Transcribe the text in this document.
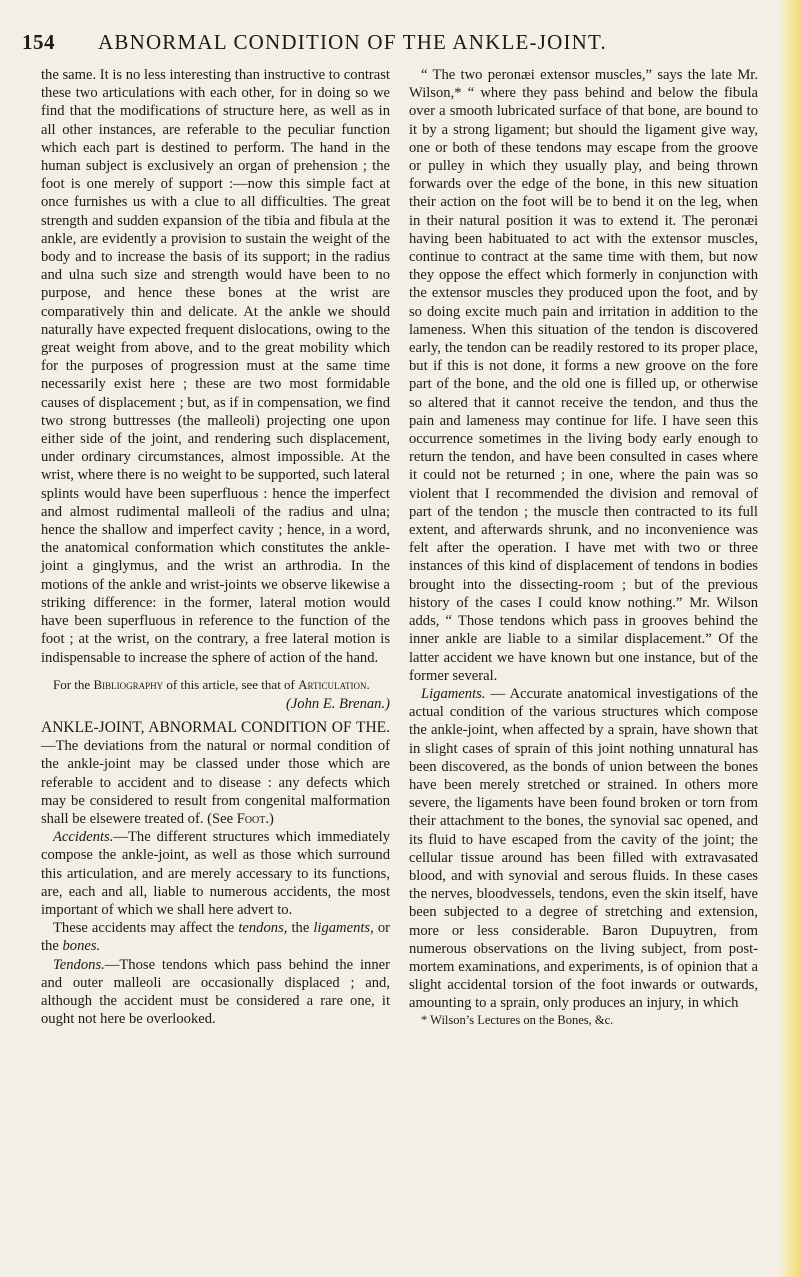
154 ABNORMAL CONDITION OF THE ANKLE-JOINT.

the same. It is no less interesting than instructive to contrast these two articulations with each other, for in doing so we find that the modifications of structure here, as well as in all other instances, are referable to the peculiar function which each part is destined to perform. The hand in the human subject is exclusively an organ of prehension ; the foot is one merely of support :—now this simple fact at once furnishes us with a clue to all difficulties. The great strength and sudden expansion of the tibia and fibula at the ankle, are evidently a provision to sustain the weight of the body and to increase the basis of its support; in the radius and ulna such size and strength would have been to no purpose, and hence these bones at the wrist are comparatively thin and delicate. At the ankle we should naturally have expected frequent dislocations, owing to the great weight from above, and to the great mobility which for the purposes of progression must at the same time necessarily exist here ; these are two most formidable causes of displacement ; but, as if in compensation, we find two strong buttresses (the malleoli) projecting one upon either side of the joint, and rendering such displacement, under ordinary circumstances, almost impossible. At the wrist, where there is no weight to be supported, such lateral splints would have been superfluous : hence the imperfect and almost rudimental malleoli of the radius and ulna; hence the shallow and imperfect cavity ; hence, in a word, the anatomical conformation which constitutes the ankle-joint a ginglymus, and the wrist an arthrodia. In the motions of the ankle and wrist-joints we observe likewise a striking difference: in the former, lateral motion would have been superfluous in reference to the function of the foot ; at the wrist, on the contrary, a free lateral motion is indispensable to increase the sphere of action of the hand.

For the Bibliography of this article, see that of Articulation.

(John E. Brenan.)

ANKLE-JOINT, ABNORMAL CONDITION OF THE.—The deviations from the natural or normal condition of the ankle-joint may be classed under those which are referable to accident and to disease : any defects which may be considered to result from congenital malformation shall be elsewere treated of. (See Foot.)

Accidents.—The different structures which immediately compose the ankle-joint, as well as those which surround this articulation, and are merely accessary to its functions, are, each and all, liable to numerous accidents, the most important of which we shall here advert to.

These accidents may affect the tendons, the ligaments, or the bones.

Tendons.—Those tendons which pass behind the inner and outer malleoli are occasionally displaced ; and, although the accident must be considered a rare one, it ought not here be overlooked.

“ The two peronæi extensor muscles,” says the late Mr. Wilson,* “ where they pass behind and below the fibula over a smooth lubricated surface of that bone, are bound to it by a strong ligament; but should the ligament give way, one or both of these tendons may escape from the groove or pulley in which they usually play, and being thrown forwards over the edge of the bone, in this new situation their action on the foot will be to bend it on the leg, when in their natural position it was to extend it. The peronæi having been habituated to act with the extensor muscles, continue to contract at the same time with them, but now they oppose the effect which formerly in conjunction with the extensor muscles they produced upon the foot, and by so doing excite much pain and irritation in addition to the lameness. When this situation of the tendon is discovered early, the tendon can be readily restored to its proper place, but if this is not done, it forms a new groove on the fore part of the bone, and the old one is filled up, or otherwise so altered that it cannot receive the tendon, and thus the pain and lameness may continue for life. I have seen this occurrence sometimes in the living body early enough to return the tendon, and have been consulted in cases where it could not be returned ; in one, where the pain was so violent that I recommended the division and removal of part of the tendon ; the muscle then contracted to its full extent, and afterwards shrunk, and no inconvenience was felt after the operation. I have met with two or three instances of this kind of displacement of tendons in bodies brought into the dissecting-room ; but of the previous history of the cases I could know nothing.” Mr. Wilson adds, “ Those tendons which pass in grooves behind the inner ankle are liable to a similar displacement.” Of the latter accident we have known but one instance, but of the former several.

Ligaments. — Accurate anatomical investigations of the actual condition of the various structures which compose the ankle-joint, when affected by a sprain, have shown that in slight cases of sprain of this joint nothing unnatural has been discovered, as the bonds of union between the bones have been merely stretched or strained. In others more severe, the ligaments have been found broken or torn from their attachment to the bones, the synovial sac opened, and its fluid to have escaped from the cavity of the joint; the cellular tissue around has been filled with extravasated blood, and with synovial and serous fluids. In these cases the nerves, bloodvessels, tendons, even the skin itself, have been subjected to a degree of stretching and extension, more or less considerable. Baron Dupuytren, from numerous observations on the living subject, from post-mortem examinations, and experiments, is of opinion that a slight accidental torsion of the foot inwards or outwards, amounting to a sprain, only produces an injury, in which

* Wilson’s Lectures on the Bones, &c.
